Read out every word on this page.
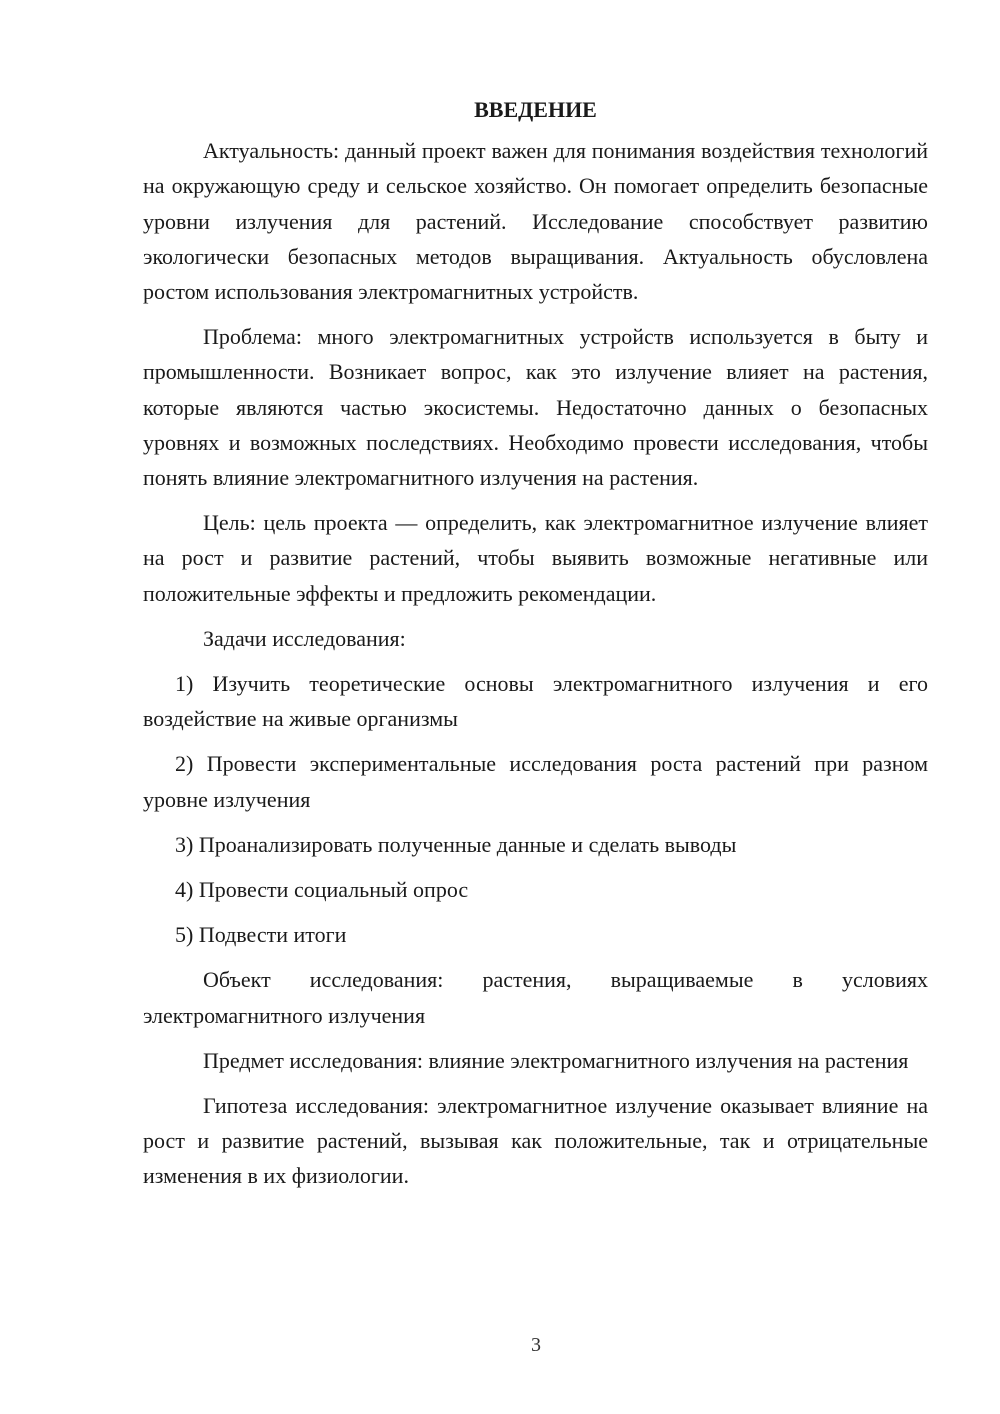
ВВЕДЕНИЕ
Актуальность: данный проект важен для понимания воздействия технологий на окружающую среду и сельское хозяйство. Он помогает определить безопасные уровни излучения для растений. Исследование способствует развитию экологически безопасных методов выращивания. Актуальность обусловлена ростом использования электромагнитных устройств.
Проблема: много электромагнитных устройств используется в быту и промышленности. Возникает вопрос, как это излучение влияет на растения, которые являются частью экосистемы. Недостаточно данных о безопасных уровнях и возможных последствиях. Необходимо провести исследования, чтобы понять влияние электромагнитного излучения на растения.
Цель: цель проекта — определить, как электромагнитное излучение влияет на рост и развитие растений, чтобы выявить возможные негативные или положительные эффекты и предложить рекомендации.
Задачи исследования:
1) Изучить теоретические основы электромагнитного излучения и его воздействие на живые организмы
2) Провести экспериментальные исследования роста растений при разном уровне излучения
3) Проанализировать полученные данные и сделать выводы
4) Провести социальный опрос
5) Подвести итоги
Объект исследования: растения, выращиваемые в условиях электромагнитного излучения
Предмет исследования: влияние электромагнитного излучения на растения
Гипотеза исследования: электромагнитное излучение оказывает влияние на рост и развитие растений, вызывая как положительные, так и отрицательные изменения в их физиологии.
3
